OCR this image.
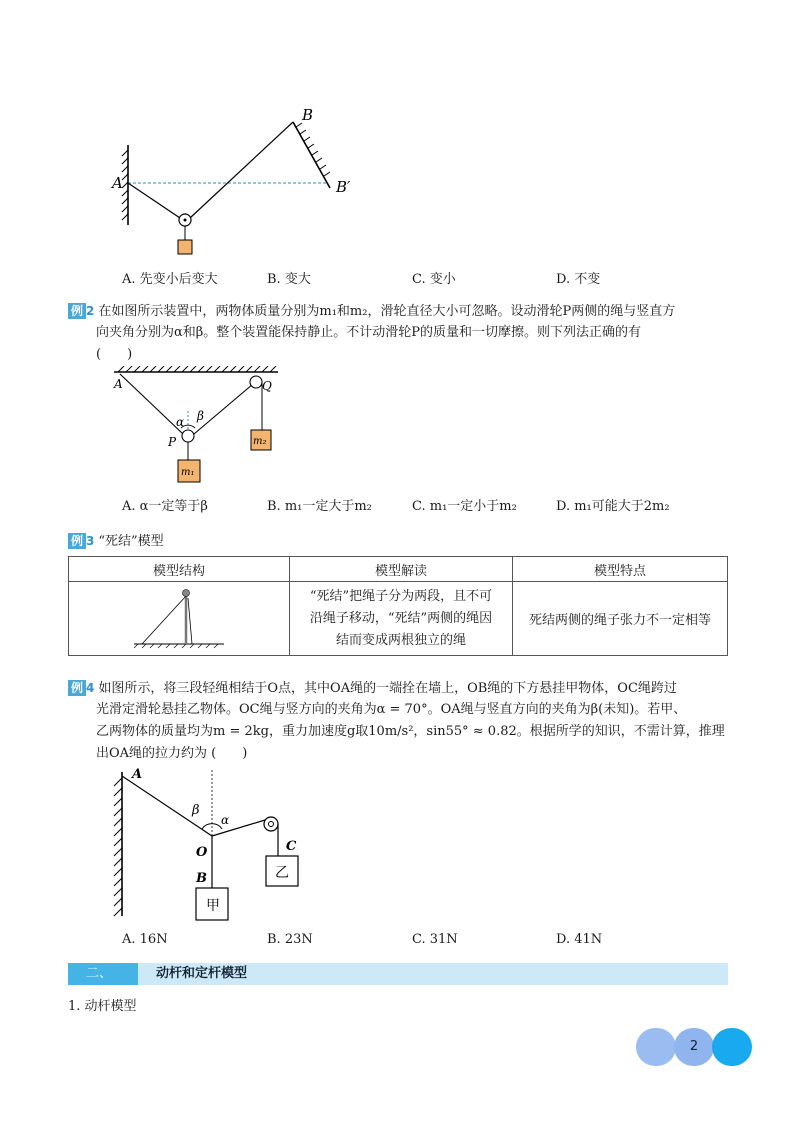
A
B
B′
A. 先变小后变大	B. 变大	C. 变小	D. 不变
例 2 在如图所示装置中，两物体质量分别为m₁和m₂，滑轮直径大小可忽略。设动滑轮P两侧的绳与竖直方
向夹角分别为α和β。整个装置能保持静止。不计动滑轮P的质量和一切摩擦。则下列法正确的有
(　　)
A	Q
P
α β
m₂
m₁
A. α一定等于β	B. m₁一定大于m₂	C. m₁一定小于m₂	D. m₁可能大于2m₂
例 3 “死结”模型
模型结构	模型解读	模型特点

“死结”把绳子分为两段，且不可
沿绳子移动，“死结”两侧的绳因
结而变成两根独立的绳	死结两侧的绳子张力不一定相等
例 4 如图所示，将三段轻绳相结于O点，其中OA绳的一端拴在墙上，OB绳的下方悬挂甲物体，OC绳跨过
光滑定滑轮悬挂乙物体。OC绳与竖方向的夹角为α = 70°。OA绳与竖直方向的夹角为β(未知)。若甲、
乙两物体的质量均为m = 2kg，重力加速度g取10m/s²，sin55° ≈ 0.82。根据所学的知识，不需计算，推理
出OA绳的拉力约为 (　　)
A
β
α
O	C
B
甲
乙
A. 16N	B. 23N	C. 31N	D. 41N
二、	动杆和定杆模型
1. 动杆模型
2
